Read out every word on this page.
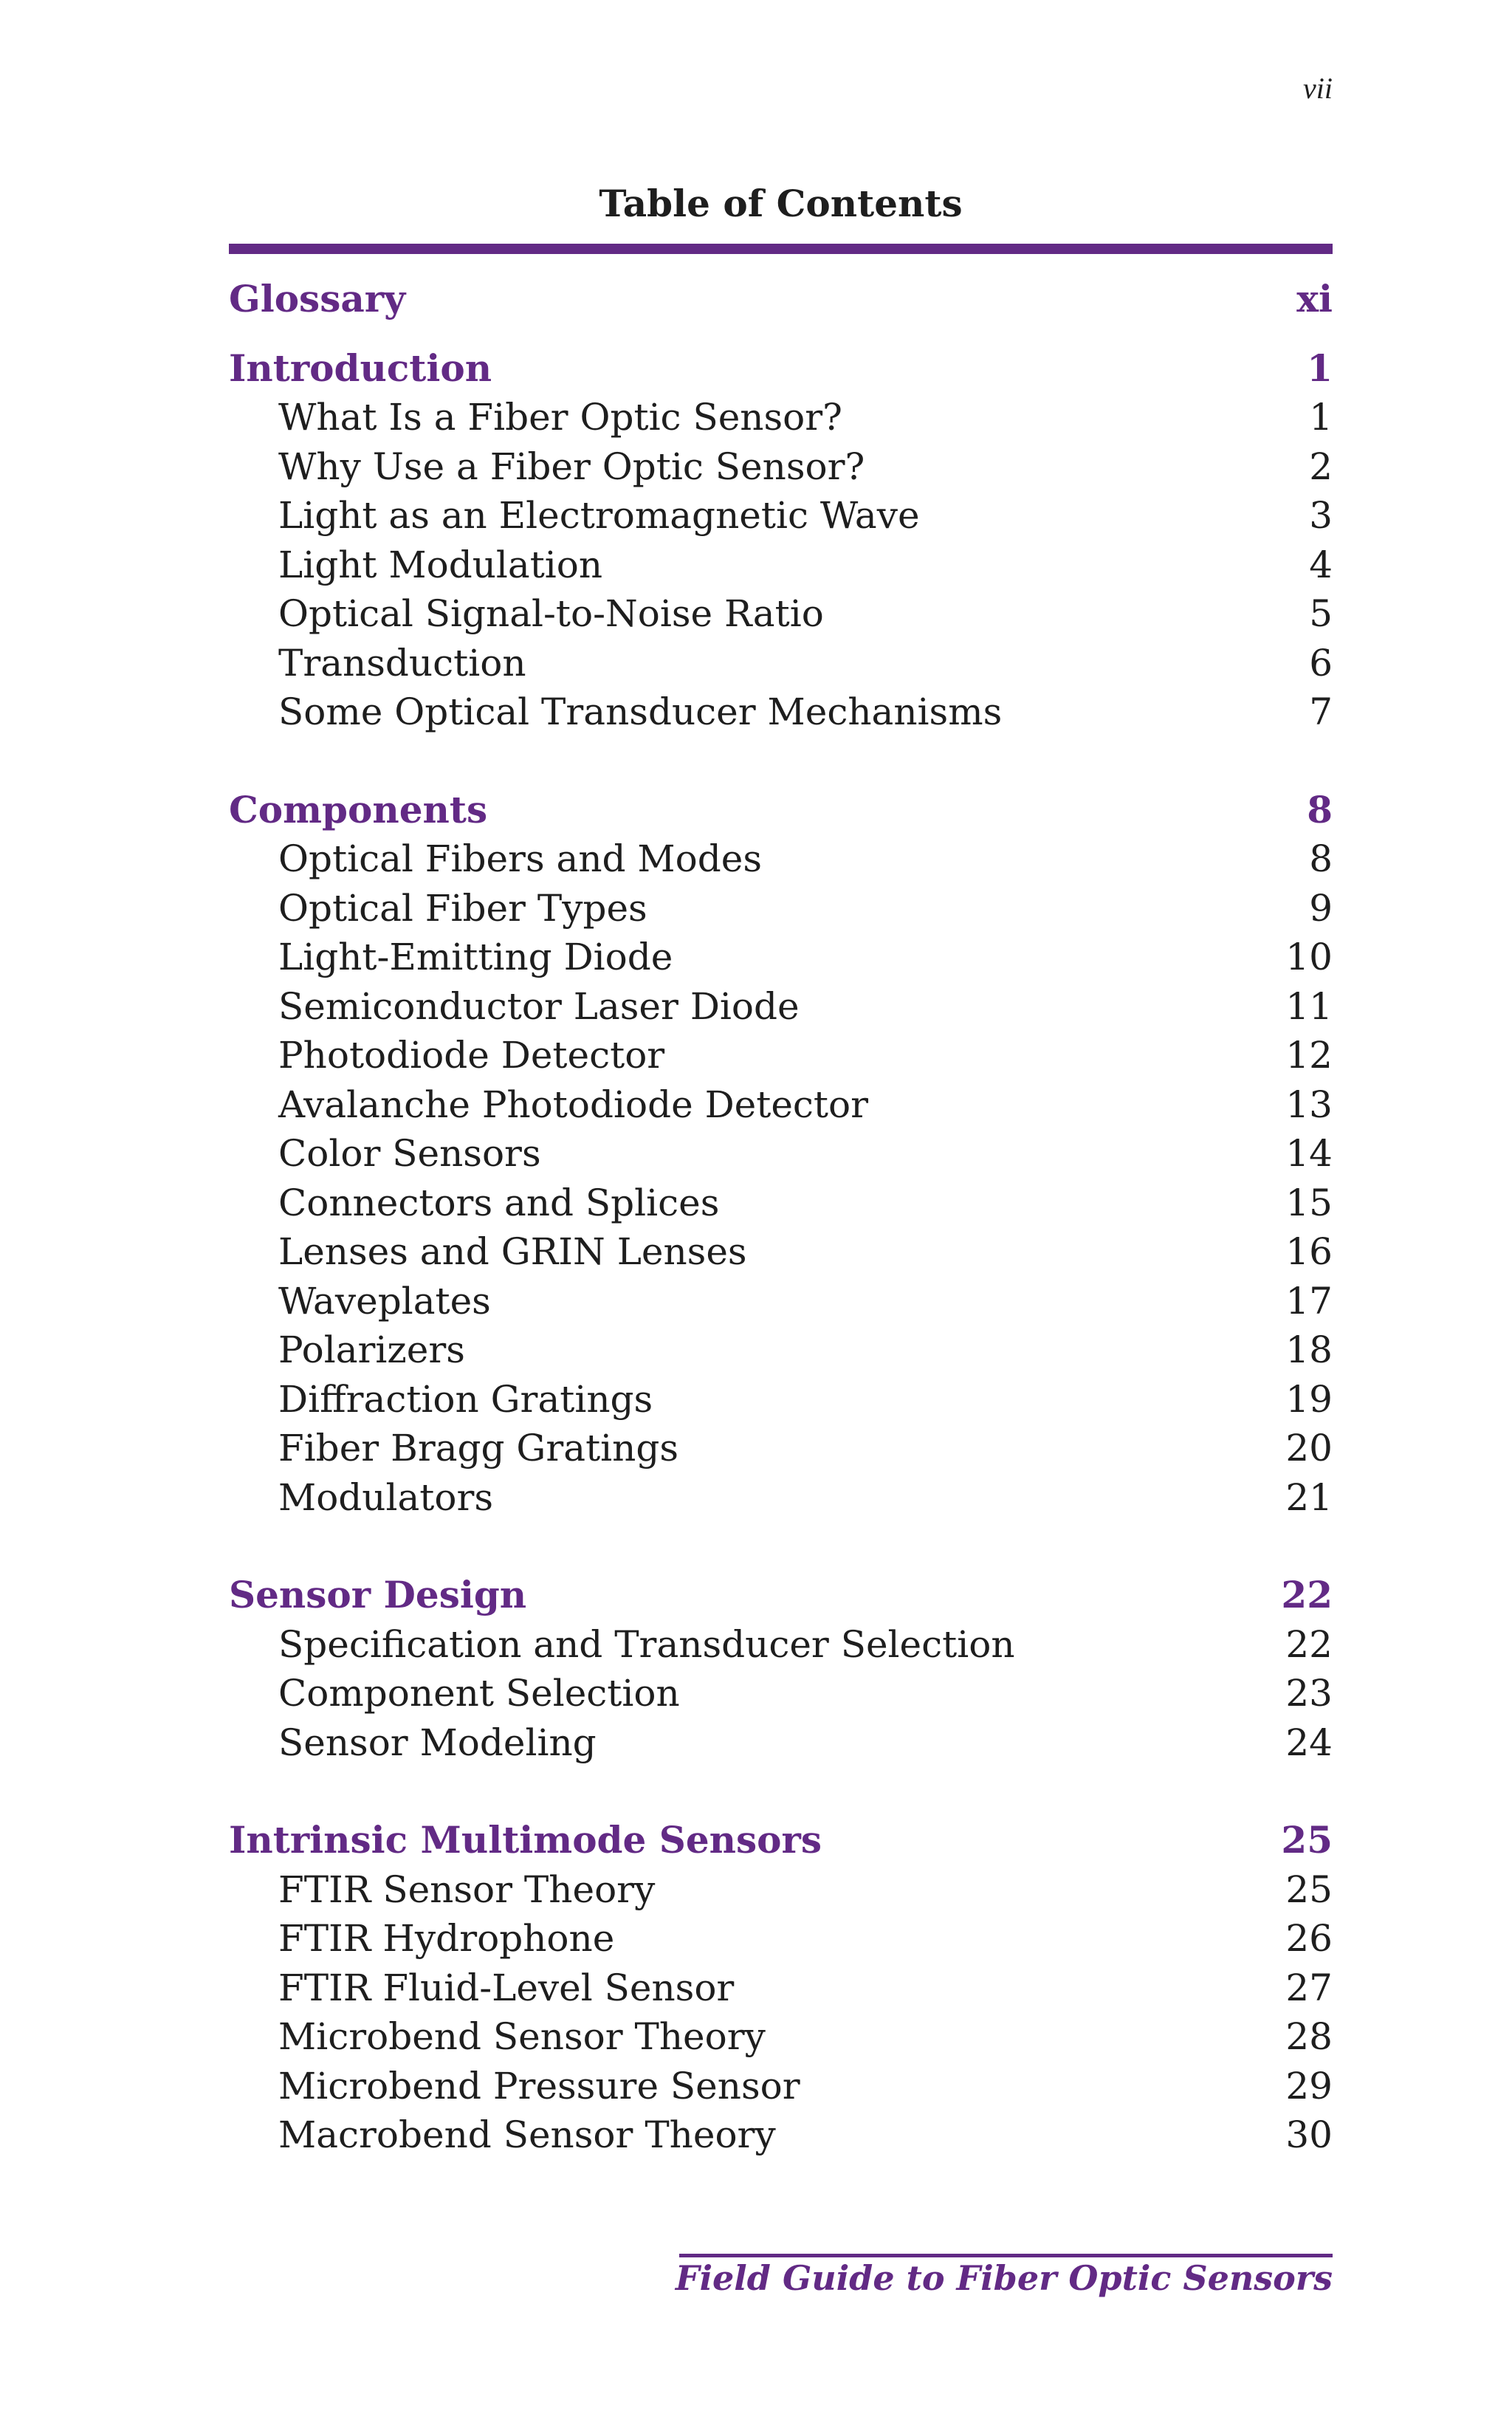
vii
Table of Contents
Glossary	xi
Introduction	1
What Is a Fiber Optic Sensor?	1
Why Use a Fiber Optic Sensor?	2
Light as an Electromagnetic Wave	3
Light Modulation	4
Optical Signal-to-Noise Ratio	5
Transduction	6
Some Optical Transducer Mechanisms	7
Components	8
Optical Fibers and Modes	8
Optical Fiber Types	9
Light-Emitting Diode	10
Semiconductor Laser Diode	11
Photodiode Detector	12
Avalanche Photodiode Detector	13
Color Sensors	14
Connectors and Splices	15
Lenses and GRIN Lenses	16
Waveplates	17
Polarizers	18
Diffraction Gratings	19
Fiber Bragg Gratings	20
Modulators	21
Sensor Design	22
Specification and Transducer Selection	22
Component Selection	23
Sensor Modeling	24
Intrinsic Multimode Sensors	25
FTIR Sensor Theory	25
FTIR Hydrophone	26
FTIR Fluid-Level Sensor	27
Microbend Sensor Theory	28
Microbend Pressure Sensor	29
Macrobend Sensor Theory	30
Field Guide to Fiber Optic Sensors
